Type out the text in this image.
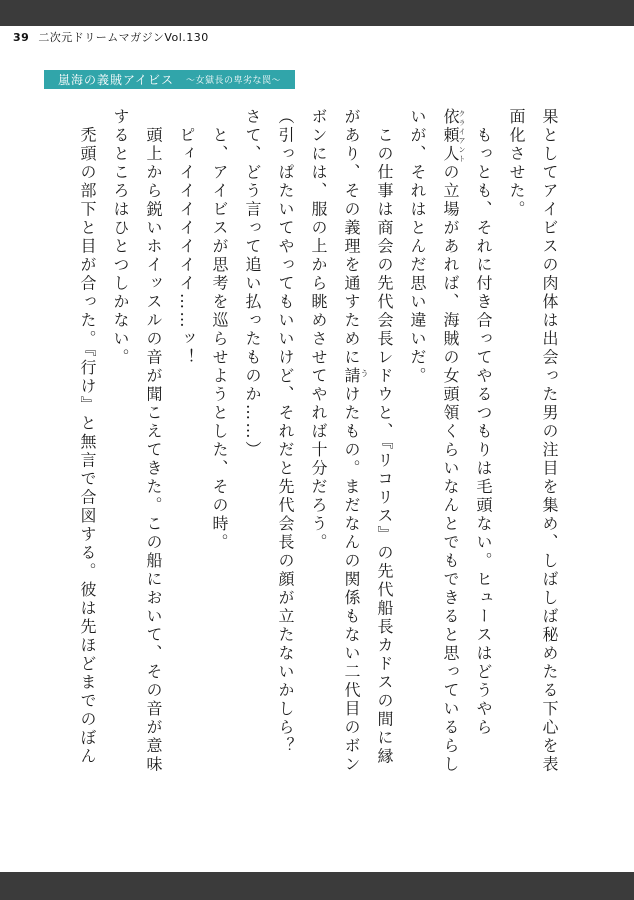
39 二次元ドリームマガジンVol.130
嵐海の義賊アイビス ～女獄長の卑劣な罠～
果としてアイビスの肉体は出会った男の注目を集め、しばしば秘めたる下心を表
面化させた。
　もっとも、それに付き合ってやるつもりは毛頭ない。ヒュースはどうやら
依頼人の立場があれば、海賊の女頭領くらいなんとでもできると思っているらし
いが、それはとんだ思い違いだ。
　この仕事は商会の先代会長レドウと、『リコリス』の先代船長カドスの間に縁
があり、その義理を通すために請けたもの。まだなんの関係もない二代目のボン
ボンには、服の上から眺めさせてやれば十分だろう。
（引っぱたいてやってもいいけど、それだと先代会長の顔が立たないかしら？
さて、どう言って追い払ったものか……）
　と、アイビスが思考を巡らせようとした、その時。
　ピィイイイイイイイ……ッ！
　頭上から鋭いホイッスルの音が聞こえてきた。この船において、その音が意味
するところはひとつしかない。
　禿頭の部下と目が合った。『行け』と無言で合図する。彼は先ほどまでのぼん	クライアント
う
